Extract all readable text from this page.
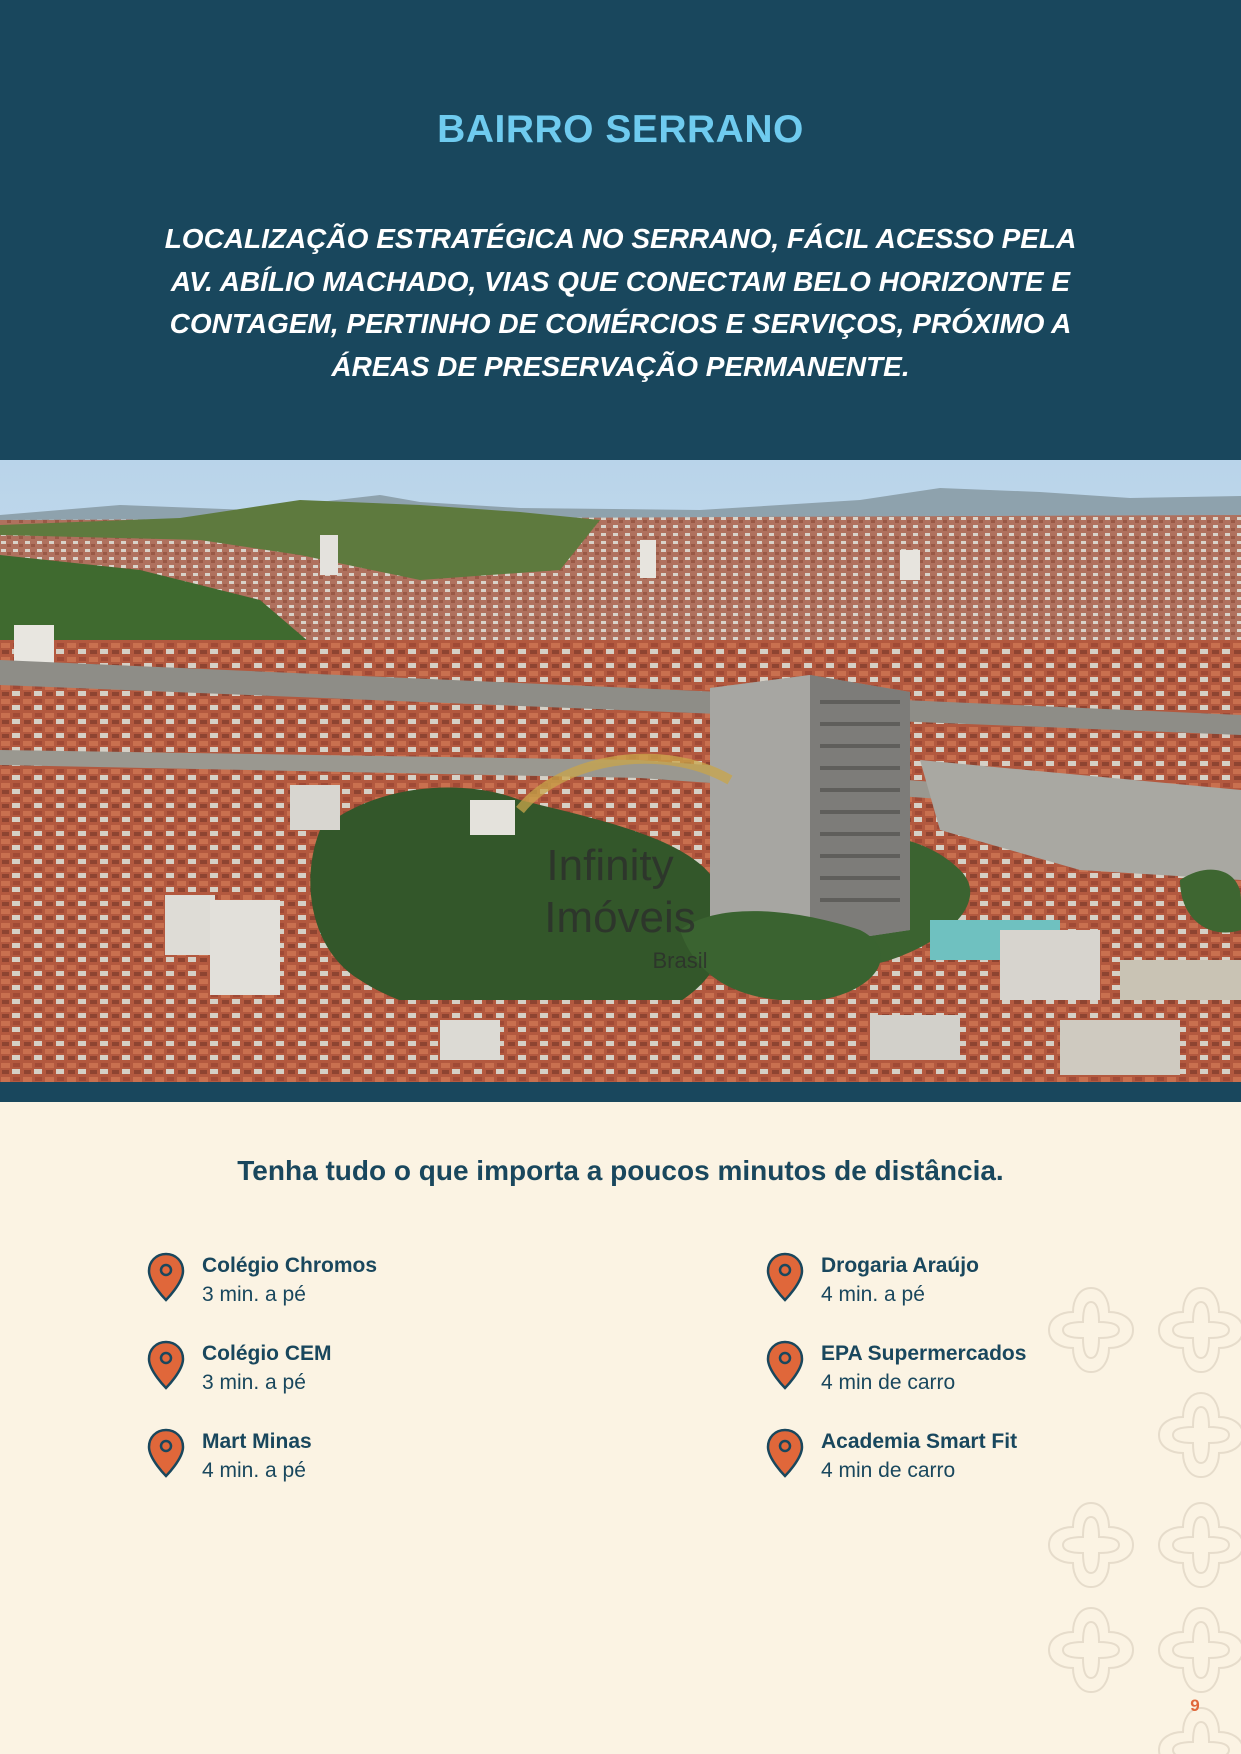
BAIRRO SERRANO
LOCALIZAÇÃO ESTRATÉGICA NO SERRANO, FÁCIL ACESSO PELA AV. ABÍLIO MACHADO, VIAS QUE CONECTAM BELO HORIZONTE E CONTAGEM, PERTINHO DE COMÉRCIOS E SERVIÇOS, PRÓXIMO A ÁREAS DE PRESERVAÇÃO PERMANENTE.
Infinity
Imóveis
Brasil
Tenha tudo o que importa a poucos minutos de distância.
Colégio Chromos
3 min. a pé
Colégio CEM
3 min. a pé
Mart Minas
4 min. a pé
Drogaria Araújo
4 min. a pé
EPA Supermercados
4 min de carro
Academia Smart Fit
4 min de carro
9
